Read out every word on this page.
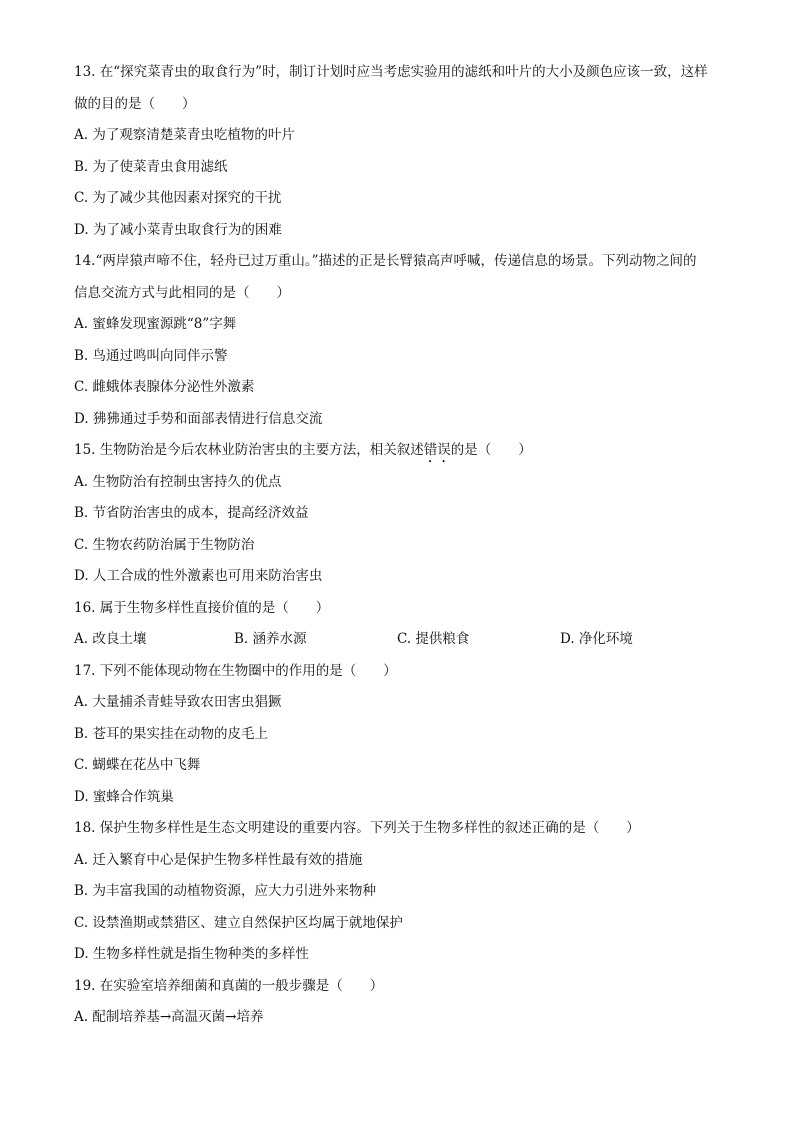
13. 在“探究菜青虫的取食行为”时，制订计划时应当考虑实验用的滤纸和叶片的大小及颜色应该一致，这样
做的目的是（　　）
A. 为了观察清楚菜青虫吃植物的叶片
B. 为了使菜青虫食用滤纸
C. 为了减少其他因素对探究的干扰
D. 为了减小菜青虫取食行为的困难
14.“两岸猿声啼不住，轻舟已过万重山。”描述的正是长臂猿高声呼喊，传递信息的场景。下列动物之间的
信息交流方式与此相同的是（　　）
A. 蜜蜂发现蜜源跳“8”字舞
B. 鸟通过鸣叫向同伴示警
C. 雌蛾体表腺体分泌性外激素
D. 狒狒通过手势和面部表情进行信息交流
15. 生物防治是今后农林业防治害虫的主要方法，相关叙述错误的是（　　）
A. 生物防治有控制虫害持久的优点
B. 节省防治害虫的成本，提高经济效益
C. 生物农药防治属于生物防治
D. 人工合成的性外激素也可用来防治害虫
16. 属于生物多样性直接价值的是（　　）
A. 改良土壤	B. 涵养水源	C. 提供粮食	D. 净化环境
17. 下列不能体现动物在生物圈中的作用的是（　　）
A. 大量捕杀青蛙导致农田害虫猖獗
B. 苍耳的果实挂在动物的皮毛上
C. 蝴蝶在花丛中飞舞
D. 蜜蜂合作筑巢
18. 保护生物多样性是生态文明建设的重要内容。下列关于生物多样性的叙述正确的是（　　）
A. 迁入繁育中心是保护生物多样性最有效的措施
B. 为丰富我国的动植物资源，应大力引进外来物种
C. 设禁渔期或禁猎区、建立自然保护区均属于就地保护
D. 生物多样性就是指生物种类的多样性
19. 在实验室培养细菌和真菌的一般步骤是（　　）
A. 配制培养基→高温灭菌→培养
